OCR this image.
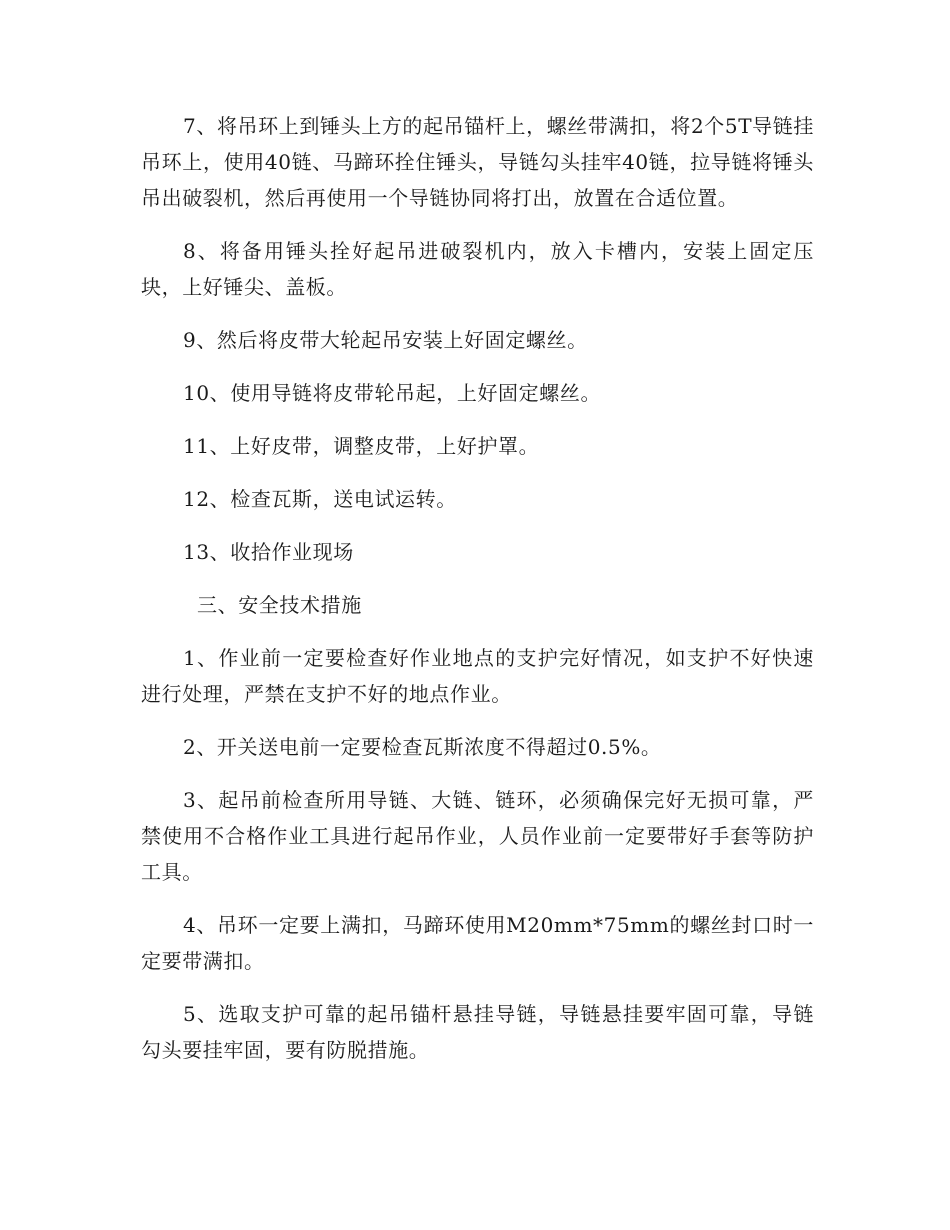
7、将吊环上到锤头上方的起吊锚杆上，螺丝带满扣，将2个5T导链挂吊环上，使用40链、马蹄环拴住锤头，导链勾头挂牢40链，拉导链将锤头吊出破裂机，然后再使用一个导链协同将打出，放置在合适位置。

8、将备用锤头拴好起吊进破裂机内，放入卡槽内，安装上固定压块，上好锤尖、盖板。

9、然后将皮带大轮起吊安装上好固定螺丝。

10、使用导链将皮带轮吊起，上好固定螺丝。

11、上好皮带，调整皮带，上好护罩。

12、检查瓦斯，送电试运转。

13、收拾作业现场

三、安全技术措施

1、作业前一定要检查好作业地点的支护完好情况，如支护不好快速进行处理，严禁在支护不好的地点作业。

2、开关送电前一定要检查瓦斯浓度不得超过0.5%。

3、起吊前检查所用导链、大链、链环，必须确保完好无损可靠，严禁使用不合格作业工具进行起吊作业，人员作业前一定要带好手套等防护工具。

4、吊环一定要上满扣，马蹄环使用M20mm*75mm的螺丝封口时一定要带满扣。

5、选取支护可靠的起吊锚杆悬挂导链，导链悬挂要牢固可靠，导链勾头要挂牢固，要有防脱措施。
